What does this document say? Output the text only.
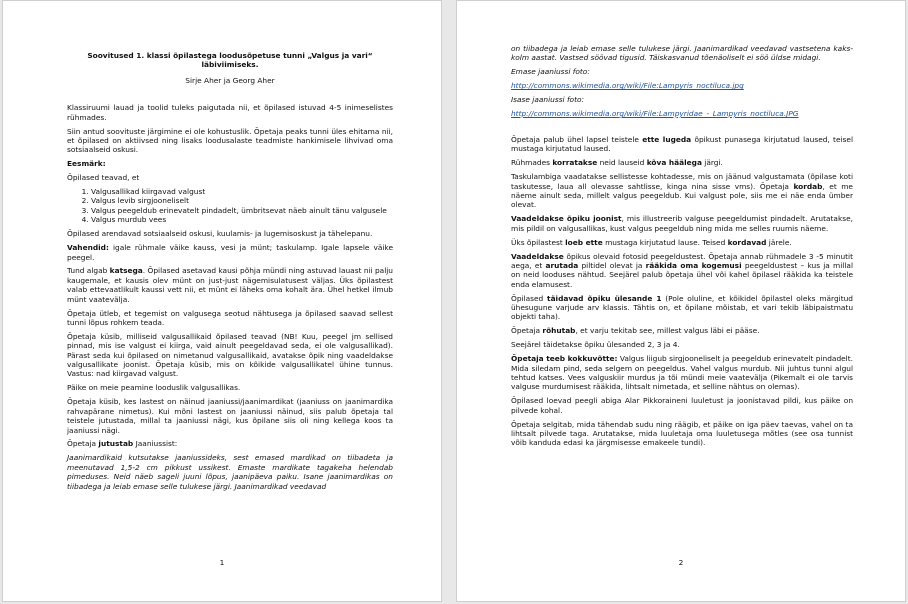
Soovitused 1. klassi õpilastega loodusõpetuse tunni „Valgus ja vari“ läbiviimiseks.

Sirje Aher ja Georg Aher

Klassiruumi lauad ja toolid tuleks paigutada nii, et õpilased istuvad 4-5 inimeselistes rühmades.

Siin antud soovituste järgimine ei ole kohustuslik. Õpetaja peaks tunni üles ehitama nii, et õpilased on aktiivsed ning lisaks loodusalaste teadmiste hankimisele lihvivad oma sotsiaalseid oskusi.

Eesmärk:

Õpilased teavad, et

1. Valgusallikad kiirgavad valgust
2. Valgus levib sirgjooneliselt
3. Valgus peegeldub erinevatelt pindadelt, ümbritsevat näeb ainult tänu valgusele
4. Valgus murdub vees

Õpilased arendavad sotsiaalseid oskusi, kuulamis- ja lugemisoskust ja tähelepanu.

Vahendid: igale rühmale väike kauss, vesi ja münt; taskulamp. Igale lapsele väike peegel.

Tund algab katsega. Õpilased asetavad kausi põhja mündi ning astuvad lauast nii palju kaugemale, et kausis olev münt on just-just nägemisulatusest väljas. Üks õpilastest valab ettevaatlikult kaussi vett nii, et münt ei läheks oma kohalt ära. Ühel hetkel ilmub münt vaatevälja.

Õpetaja ütleb, et tegemist on valgusega seotud nähtusega ja õpilased saavad sellest tunni lõpus rohkem teada.

Õpetaja küsib, milliseid valgusallikaid õpilased teavad (NB! Kuu, peegel jm sellised pinnad, mis ise valgust ei kiirga, vaid ainult peegeldavad seda, ei ole valgusallikad). Pärast seda kui õpilased on nimetanud valgusallikaid, avatakse õpik ning vaadeldakse valgusallikate joonist. Õpetaja küsib, mis on kõikide valgusallikatel ühine tunnus. Vastus: nad kiirgavad valgust.

Päike on meie peamine looduslik valgusallikas.

Õpetaja küsib, kes lastest on näinud jaaniussi/jaanimardikat (jaaniuss on jaanimardika rahvapärane nimetus). Kui mõni lastest on jaaniussi näinud, siis palub õpetaja tal teistele jutustada, millal ta jaaniussi nägi, kus õpilane siis oli ning kellega koos ta jaaniussi nägi.

Õpetaja jutustab Jaaniussist:

Jaanimardikaid kutsutakse jaaniussideks, sest emased mardikad on tiibadeta ja meenutavad 1,5-2 cm pikkust ussikest. Emaste mardikate tagakeha helendab pimeduses. Neid näeb sageli juuni lõpus, jaanipäeva paiku. Isane jaanimardikas on tiibadega ja leiab emase selle tulukese järgi. Jaanimardikad veedavad

1

on tiibadega ja leiab emase selle tulukese järgi. Jaanimardikad veedavad vastsetena kaks-kolm aastat. Vastsed söövad tigusid. Täiskasvanud tõenäoliselt ei söö üldse midagi.

Emase jaaniussi foto:

http://commons.wikimedia.org/wiki/File:Lampyris_noctiluca.jpg

Isase jaaniussi foto:

http://commons.wikimedia.org/wiki/File:Lampyridae_-_Lampyris_noctiluca.JPG

Õpetaja palub ühel lapsel teistele ette lugeda õpikust punasega kirjutatud laused, teisel mustaga kirjutatud laused.

Rühmades korratakse neid lauseid kõva häälega järgi.

Taskulambiga vaadatakse sellistesse kohtadesse, mis on jäänud valgustamata (õpilase koti taskutesse, laua all olevasse sahtlisse, kinga nina sisse vms). Õpetaja kordab, et me näeme ainult seda, millelt valgus peegeldub. Kui valgust pole, siis me ei näe enda ümber olevat.

Vaadeldakse õpiku joonist, mis illustreerib valguse peegeldumist pindadelt. Arutatakse, mis pildil on valgusallikas, kust valgus peegeldub ning mida me selles ruumis näeme.

Üks õpilastest loeb ette mustaga kirjutatud lause. Teised kordavad järele.

Vaadeldakse õpikus olevaid fotosid peegeldustest. Õpetaja annab rühmadele 3 -5 minutit aega, et arutada piltidel olevat ja rääkida oma kogemusi peegeldustest – kus ja millal on neid looduses nähtud. Seejärel palub õpetaja ühel või kahel õpilasel rääkida ka teistele enda elamusest.

Õpilased täidavad õpiku ülesande 1 (Pole oluline, et kõikidel õpilastel oleks märgitud ühesugune varjude arv klassis. Tähtis on, et õpilane mõistab, et vari tekib läbipaistmatu objekti taha).

Õpetaja rõhutab, et varju tekitab see, millest valgus läbi ei pääse.

Seejärel täidetakse õpiku ülesanded 2, 3 ja 4.

Õpetaja teeb kokkuvõtte: Valgus liigub sirgjooneliselt ja peegeldub erinevatelt pindadelt. Mida siledam pind, seda selgem on peegeldus. Vahel valgus murdub. Nii juhtus tunni algul tehtud katses. Vees valguskiir murdus ja tõi mündi meie vaatevälja (Pikemalt ei ole tarvis valguse murdumisest rääkida, lihtsalt nimetada, et selline nähtus on olemas).

Õpilased loevad peegli abiga Alar Pikkoraineni luuletust ja joonistavad pildi, kus päike on pilvede kohal.

Õpetaja selgitab, mida tähendab sudu ning räägib, et päike on iga päev taevas, vahel on ta lihtsalt pilvede taga. Arutatakse, mida luuletaja oma luuletusega mõtles (see osa tunnist võib kanduda edasi ka järgmisesse emakeele tundi).

2
